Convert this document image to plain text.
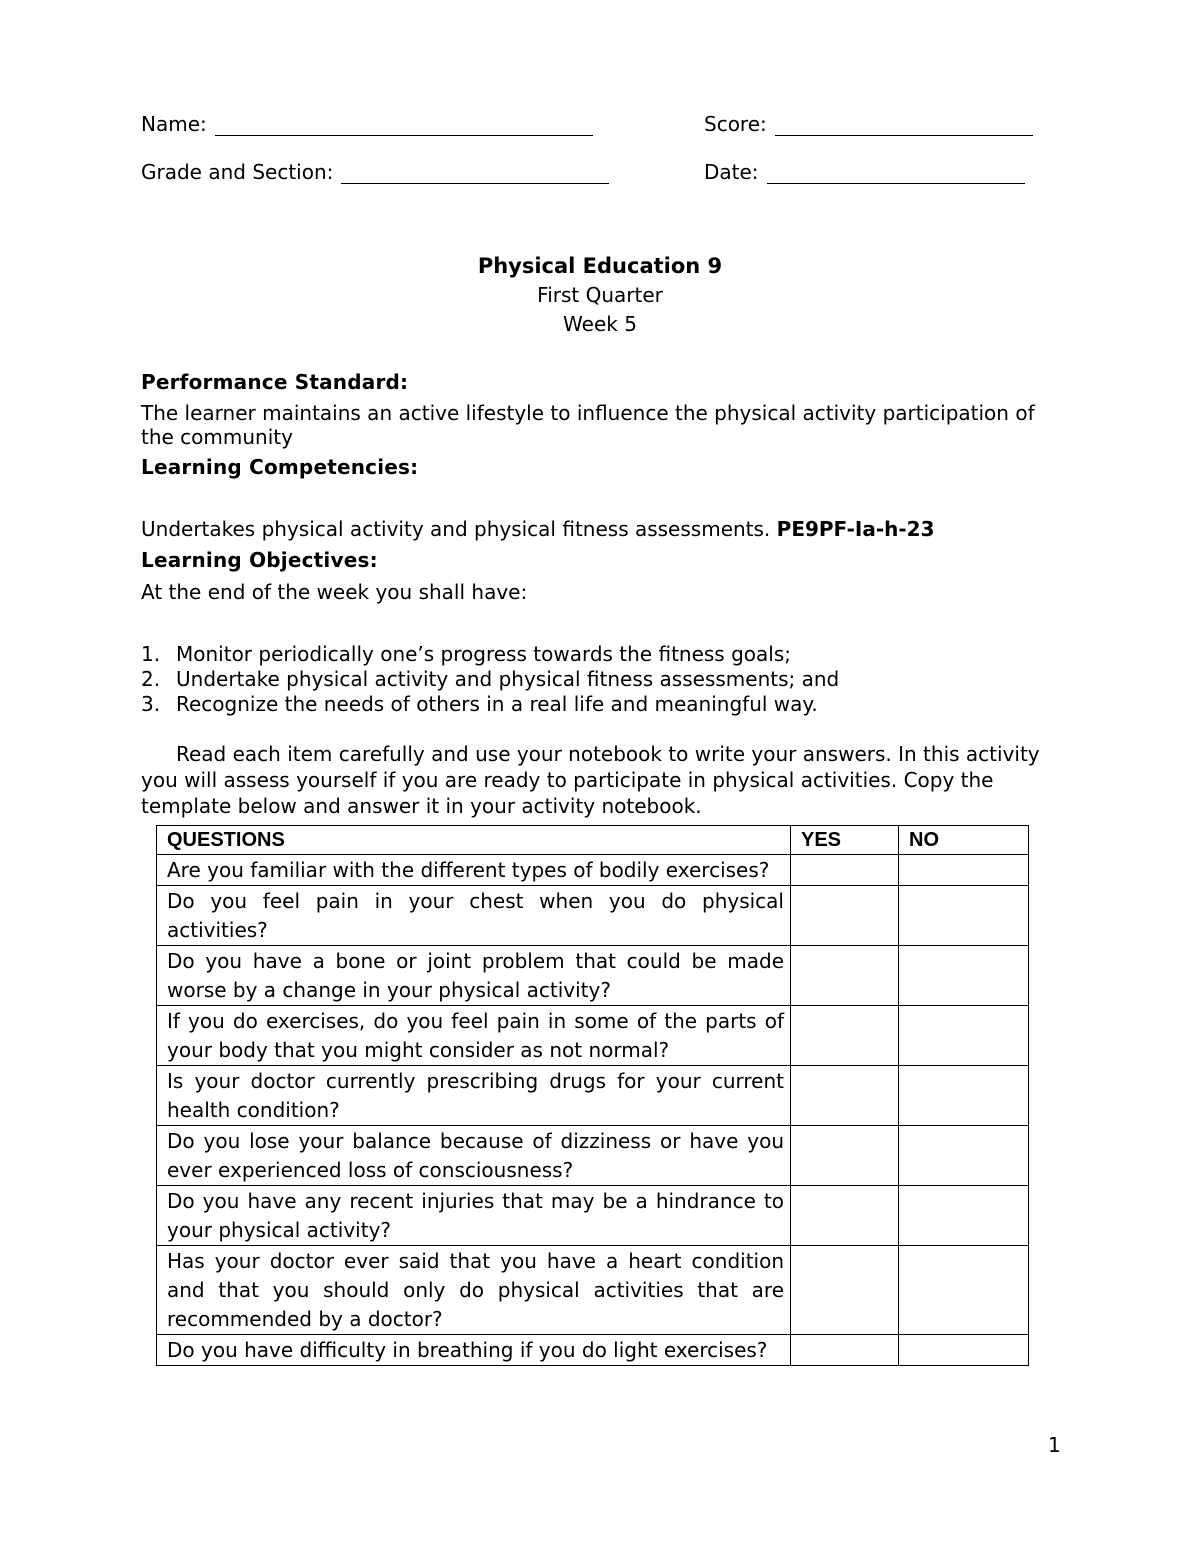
Name:	Score:
Grade and Section:	Date:
Physical Education 9
First Quarter
Week 5
Performance Standard:
The learner maintains an active lifestyle to influence the physical activity participation of the community
Learning Competencies:
Undertakes physical activity and physical fitness assessments. PE9PF-Ia-h-23
Learning Objectives:
At the end of the week you shall have:
1. Monitor periodically one’s progress towards the fitness goals;
2. Undertake physical activity and physical fitness assessments; and
3. Recognize the needs of others in a real life and meaningful way.
Read each item carefully and use your notebook to write your answers. In this activity you will assess yourself if you are ready to participate in physical activities. Copy the template below and answer it in your activity notebook.
QUESTIONS	YES	NO
Are you familiar with the different types of bodily exercises?		
Do you feel pain in your chest when you do physical activities?		
Do you have a bone or joint problem that could be made worse by a change in your physical activity?		
If you do exercises, do you feel pain in some of the parts of your body that you might consider as not normal?		
Is your doctor currently prescribing drugs for your current health condition?		
Do you lose your balance because of dizziness or have you ever experienced loss of consciousness?		
Do you have any recent injuries that may be a hindrance to your physical activity?		
Has your doctor ever said that you have a heart condition and that you should only do physical activities that are recommended by a doctor?		
Do you have difficulty in breathing if you do light exercises?		
1
